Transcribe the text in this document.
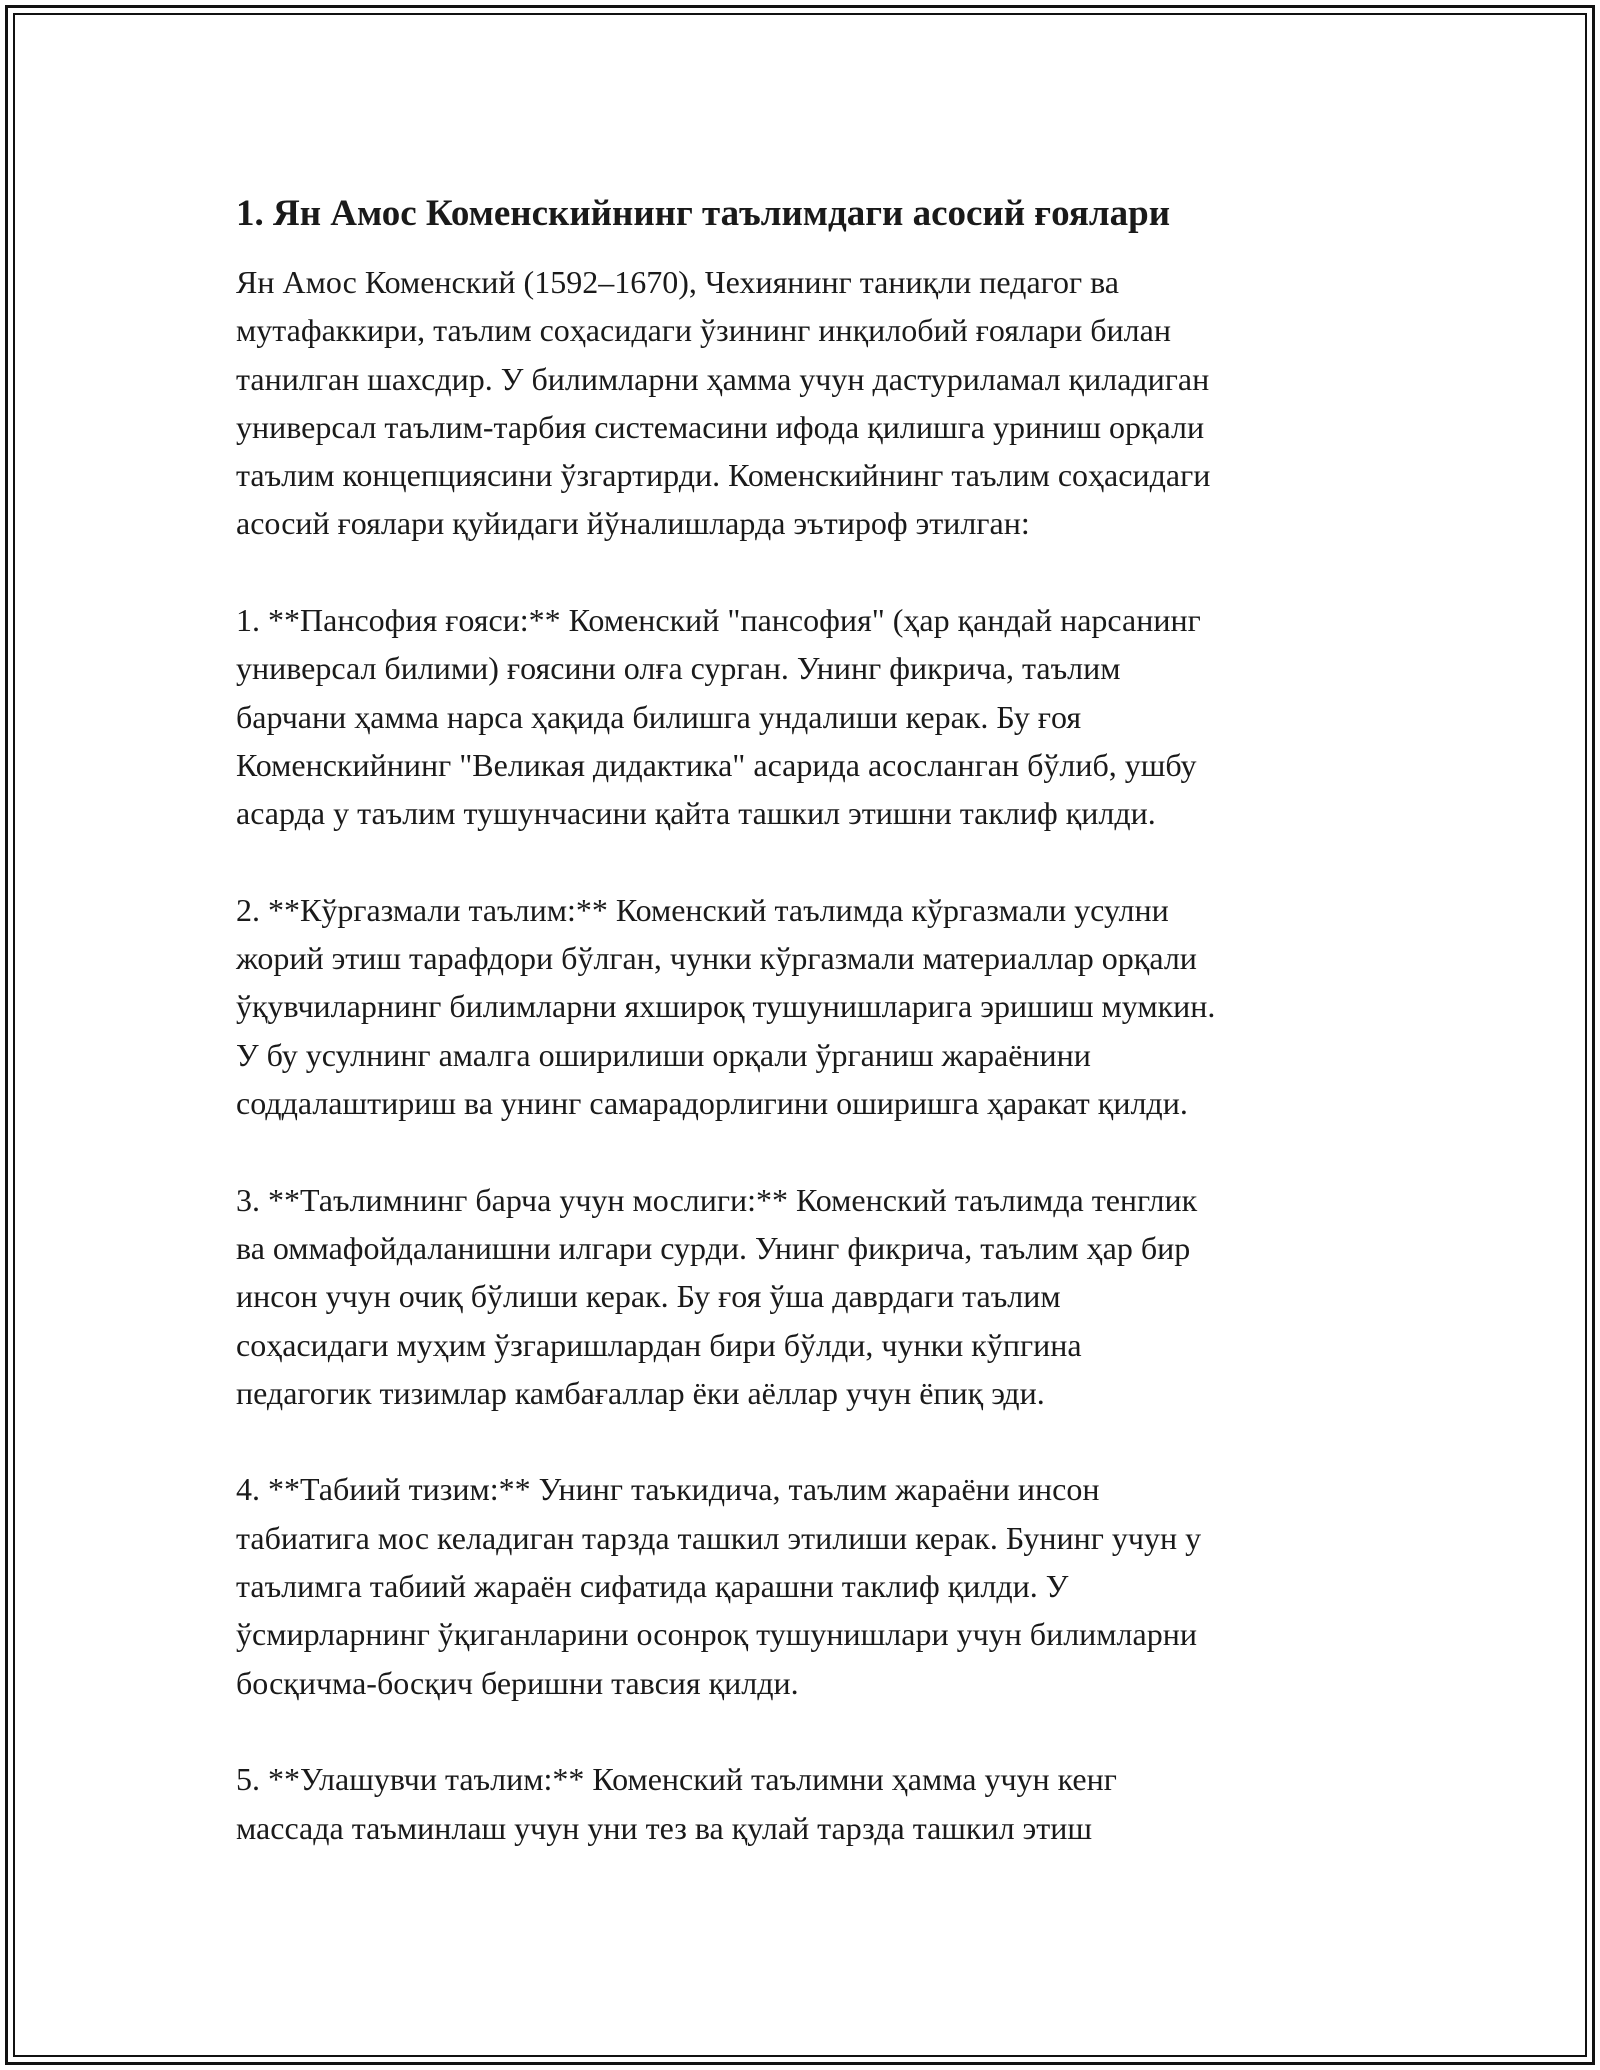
1. Ян Амос Коменскийнинг таълимдаги асосий ғоялари
Ян Амос Коменский (1592–1670), Чехиянинг таниқли педагог ва
мутафаккири, таълим соҳасидаги ўзининг инқилобий ғоялари билан
танилган шахсдир. У билимларни ҳамма учун дастуриламал қиладиган
универсал таълим-тарбия системасини ифода қилишга уриниш орқали
таълим концепциясини ўзгартирди. Коменскийнинг таълим соҳасидаги
асосий ғоялари қуйидаги йўналишларда эътироф этилган:
1. **Пансофия ғояси:** Коменский "пансофия" (ҳар қандай нарсанинг
универсал билими) ғоясини олға сурган. Унинг фикрича, таълим
барчани ҳамма нарса ҳақида билишга ундалиши керак. Бу ғоя
Коменскийнинг "Великая дидактика" асарида асосланган бўлиб, ушбу
асарда у таълим тушунчасини қайта ташкил этишни таклиф қилди.
2. **Кўргазмали таълим:** Коменский таълимда кўргазмали усулни
жорий этиш тарафдори бўлган, чунки кўргазмали материаллар орқали
ўқувчиларнинг билимларни яхшироқ тушунишларига эришиш мумкин.
У бу усулнинг амалга оширилиши орқали ўрганиш жараёнини
соддалаштириш ва унинг самарадорлигини оширишга ҳаракат қилди.
3. **Таълимнинг барча учун мослиги:** Коменский таълимда тенглик
ва оммафойдаланишни илгари сурди. Унинг фикрича, таълим ҳар бир
инсон учун очиқ бўлиши керак. Бу ғоя ўша даврдаги таълим
соҳасидаги муҳим ўзгаришлардан бири бўлди, чунки кўпгина
педагогик тизимлар камбағаллар ёки аёллар учун ёпиқ эди.
4. **Табиий тизим:** Унинг таъкидича, таълим жараёни инсон
табиатига мос келадиган тарзда ташкил этилиши керак. Бунинг учун у
таълимга табиий жараён сифатида қарашни таклиф қилди. У
ўсмирларнинг ўқиганларини осонроқ тушунишлари учун билимларни
босқичма-босқич беришни тавсия қилди.
5. **Улашувчи таълим:** Коменский таълимни ҳамма учун кенг
массада таъминлаш учун уни тез ва қулай тарзда ташкил этиш
